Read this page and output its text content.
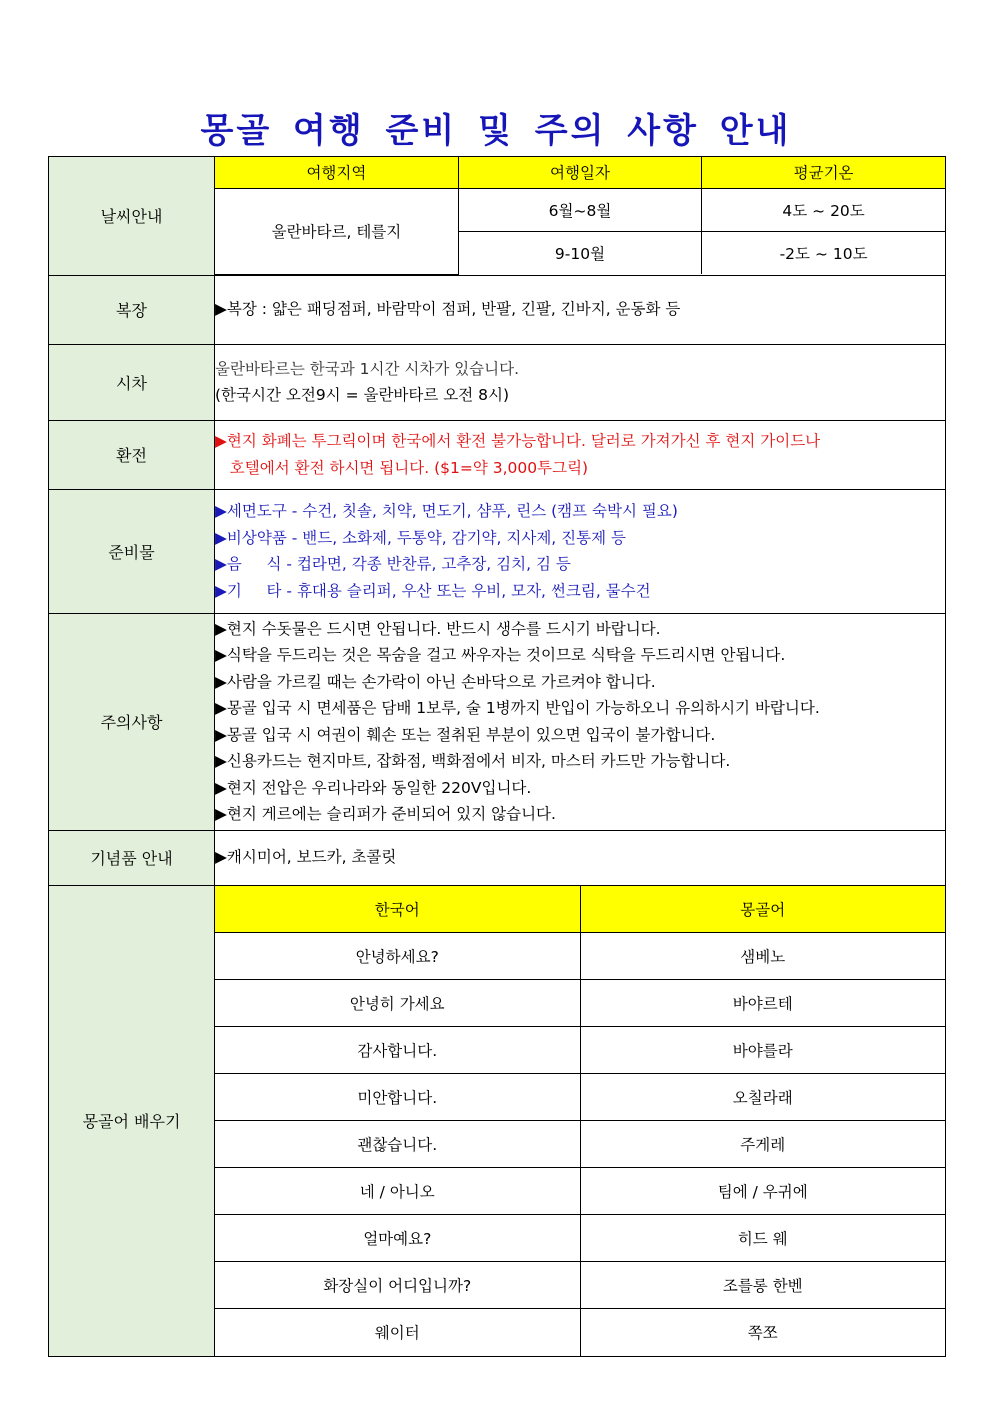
몽골 여행 준비 및 주의 사항 안내
날씨안내	
여행지역	여행일자	평균기온
울란바타르, 테를지	6월~8월	4도 ~ 20도
9-10월	-2도 ~ 10도

복장	▶복장 : 얇은 패딩점퍼, 바람막이 점퍼, 반팔, 긴팔, 긴바지, 운동화 등
시차	
울란바타르는 한국과 1시간 시차가 있습니다.
(한국시간 오전9시 = 울란바타르 오전 8시)

환전	
▶현지 화폐는 투그릭이며 한국에서 환전 불가능합니다. 달러로 가져가신 후 현지 가이드나
호텔에서 환전 하시면 됩니다. ($1=약 3,000투그릭)

준비물	
▶세면도구 - 수건, 칫솔, 치약, 면도기, 샴푸, 린스 (캠프 숙박시 필요)
▶비상약품 - 밴드, 소화제, 두통약, 감기약, 지사제, 진통제 등
▶음     식 - 컵라면, 각종 반찬류, 고추장, 김치, 김 등
▶기     타 - 휴대용 슬리퍼, 우산 또는 우비, 모자, 썬크림, 물수건

주의사항	
▶현지 수돗물은 드시면 안됩니다. 반드시 생수를 드시기 바랍니다.
▶식탁을 두드리는 것은 목숨을 걸고 싸우자는 것이므로 식탁을 두드리시면 안됩니다.
▶사람을 가르킬 때는 손가락이 아닌 손바닥으로 가르켜야 합니다.
▶몽골 입국 시 면세품은 담배 1보루, 술 1병까지 반입이 가능하오니 유의하시기 바랍니다.
▶몽골 입국 시 여권이 훼손 또는 절취된 부분이 있으면 입국이 불가합니다.
▶신용카드는 현지마트, 잡화점, 백화점에서 비자, 마스터 카드만 가능합니다.
▶현지 전압은 우리나라와 동일한 220V입니다.
▶현지 게르에는 슬리퍼가 준비되어 있지 않습니다.

기념품 안내	▶캐시미어, 보드카, 초콜릿
몽골어 배우기	
한국어	몽골어
안녕하세요?	샘베노
안녕히 가세요	바야르테
감사합니다.	바야를라
미안합니다.	오칠라래
괜찮습니다.	주게레
네 / 아니오	팀에 / 우귀에
얼마예요?	히드 웨
화장실이 어디입니까?	조를롱 한벤
웨이터	쪽쪼
